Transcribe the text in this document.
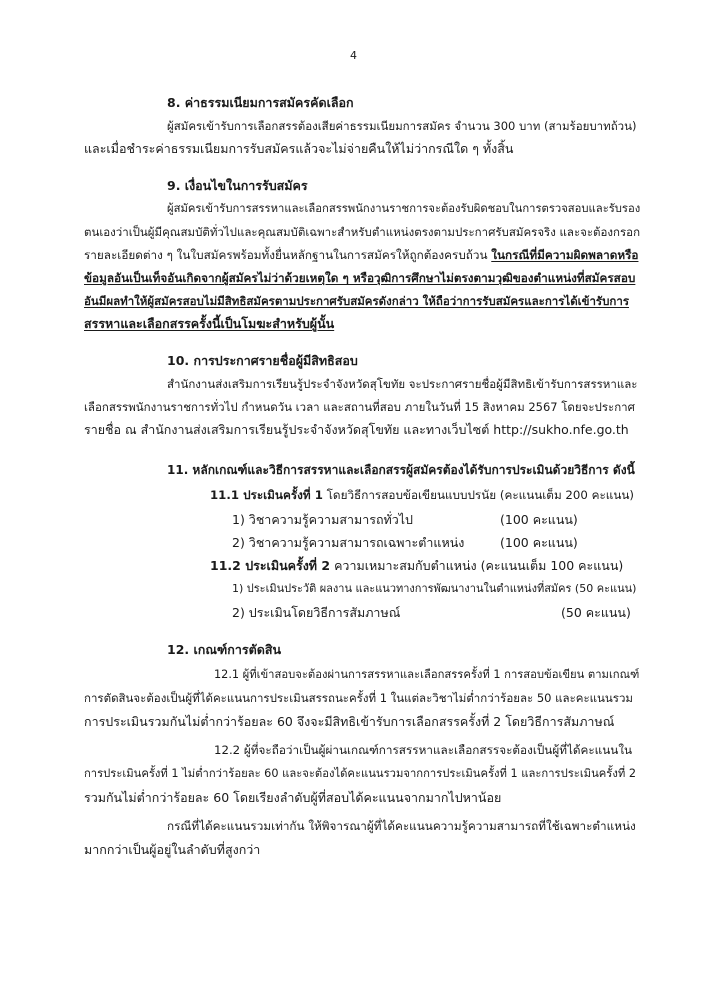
4
8. ค่าธรรมเนียมการสมัครคัดเลือก
ผู้สมัครเข้ารับการเลือกสรรต้องเสียค่าธรรมเนียมการสมัคร จำนวน 300 บาท (สามร้อยบาทถ้วน)
และเมื่อชำระค่าธรรมเนียมการรับสมัครแล้วจะไม่จ่ายคืนให้ไม่ว่ากรณีใด ๆ ทั้งสิ้น
9. เงื่อนไขในการรับสมัคร
ผู้สมัครเข้ารับการสรรหาและเลือกสรรพนักงานราชการจะต้องรับผิดชอบในการตรวจสอบและรับรอง
ตนเองว่าเป็นผู้มีคุณสมบัติทั่วไปและคุณสมบัติเฉพาะสำหรับตำแหน่งตรงตามประกาศรับสมัครจริง และจะต้องกรอก
รายละเอียดต่าง ๆ ในใบสมัครพร้อมทั้งยื่นหลักฐานในการสมัครให้ถูกต้องครบถ้วน ในกรณีที่มีความผิดพลาดหรือ
ข้อมูลอันเป็นเท็จอันเกิดจากผู้สมัครไม่ว่าด้วยเหตุใด ๆ หรือวุฒิการศึกษาไม่ตรงตามวุฒิของตำแหน่งที่สมัครสอบ
อันมีผลทำให้ผู้สมัครสอบไม่มีสิทธิสมัครตามประกาศรับสมัครดังกล่าว ให้ถือว่าการรับสมัครและการได้เข้ารับการ
สรรหาและเลือกสรรครั้งนี้เป็นโมฆะสำหรับผู้นั้น
10. การประกาศรายชื่อผู้มีสิทธิสอบ
สำนักงานส่งเสริมการเรียนรู้ประจำจังหวัดสุโขทัย จะประกาศรายชื่อผู้มีสิทธิเข้ารับการสรรหาและ
เลือกสรรพนักงานราชการทั่วไป กำหนดวัน เวลา และสถานที่สอบ ภายในวันที่ 15 สิงหาคม 2567 โดยจะประกาศ
รายชื่อ ณ สำนักงานส่งเสริมการเรียนรู้ประจำจังหวัดสุโขทัย และทางเว็บไซต์ http://sukho.nfe.go.th
11. หลักเกณฑ์และวิธีการสรรหาและเลือกสรรผู้สมัครต้องได้รับการประเมินด้วยวิธีการ ดังนี้
11.1 ประเมินครั้งที่ 1 โดยวิธีการสอบข้อเขียนแบบปรนัย (คะแนนเต็ม 200 คะแนน)
1) วิชาความรู้ความสามารถทั่วไป	(100 คะแนน)
2) วิชาความรู้ความสามารถเฉพาะตำแหน่ง	(100 คะแนน)
11.2 ประเมินครั้งที่ 2 ความเหมาะสมกับตำแหน่ง (คะแนนเต็ม 100 คะแนน)
1) ประเมินประวัติ ผลงาน และแนวทางการพัฒนางานในตำแหน่งที่สมัคร (50 คะแนน)
2) ประเมินโดยวิธีการสัมภาษณ์	(50 คะแนน)
12. เกณฑ์การตัดสิน
12.1 ผู้ที่เข้าสอบจะต้องผ่านการสรรหาและเลือกสรรครั้งที่ 1 การสอบข้อเขียน ตามเกณฑ์
การตัดสินจะต้องเป็นผู้ที่ได้คะแนนการประเมินสรรถนะครั้งที่ 1 ในแต่ละวิชาไม่ต่ำกว่าร้อยละ 50 และคะแนนรวม
การประเมินรวมกันไม่ต่ำกว่าร้อยละ 60 จึงจะมีสิทธิเข้ารับการเลือกสรรครั้งที่ 2 โดยวิธีการสัมภาษณ์
12.2 ผู้ที่จะถือว่าเป็นผู้ผ่านเกณฑ์การสรรหาและเลือกสรรจะต้องเป็นผู้ที่ได้คะแนนใน
การประเมินครั้งที่ 1 ไม่ต่ำกว่าร้อยละ 60 และจะต้องได้คะแนนรวมจากการประเมินครั้งที่ 1 และการประเมินครั้งที่ 2
รวมกันไม่ต่ำกว่าร้อยละ 60 โดยเรียงลำดับผู้ที่สอบได้คะแนนจากมากไปหาน้อย
กรณีที่ได้คะแนนรวมเท่ากัน ให้พิจารณาผู้ที่ได้คะแนนความรู้ความสามารถที่ใช้เฉพาะตำแหน่ง
มากกว่าเป็นผู้อยู่ในลำดับที่สูงกว่า
